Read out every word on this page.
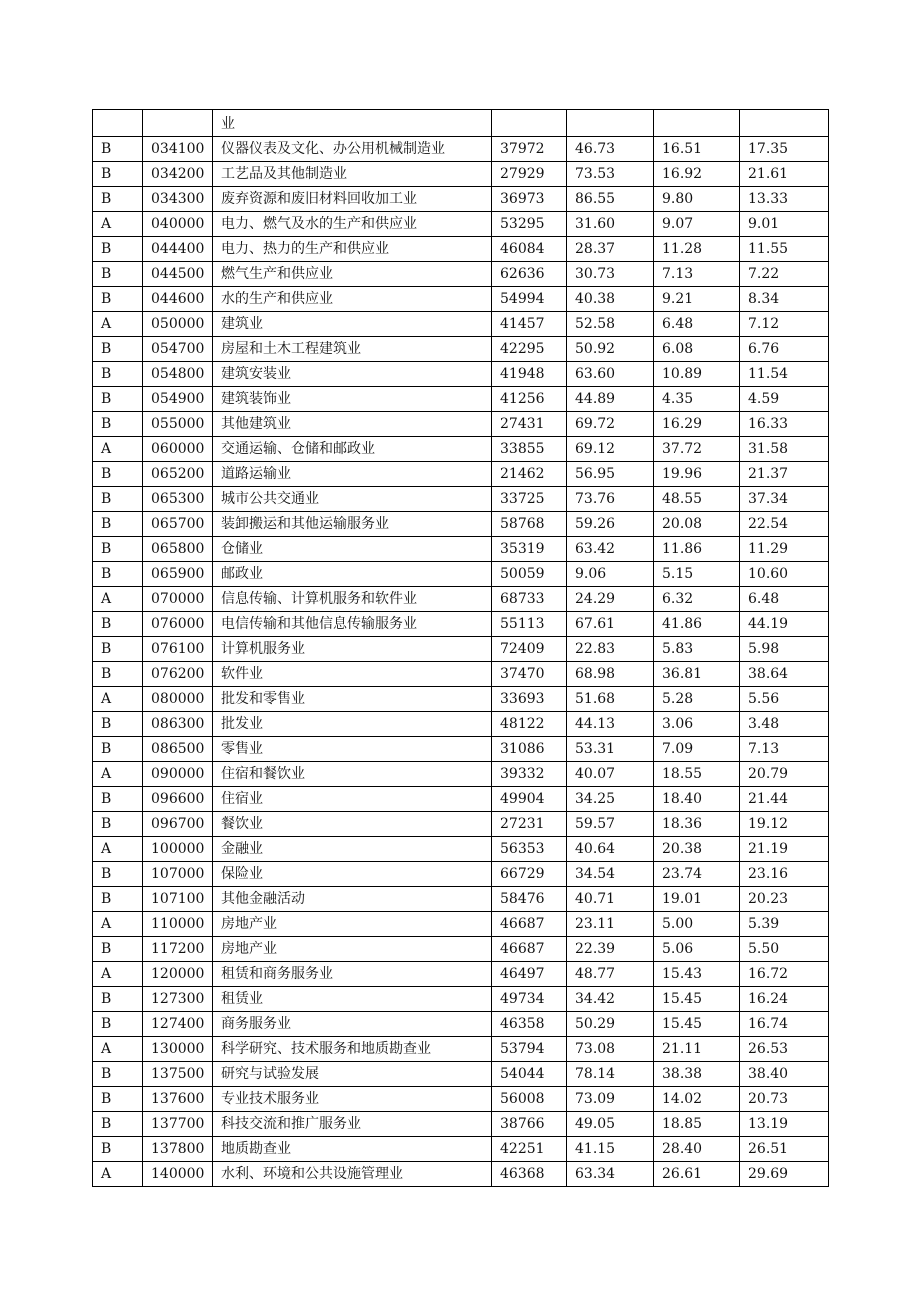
		业				
B	034100	仪器仪表及文化、办公用机械制造业	37972	46.73	16.51	17.35
B	034200	工艺品及其他制造业	27929	73.53	16.92	21.61
B	034300	废弃资源和废旧材料回收加工业	36973	86.55	9.80	13.33
A	040000	电力、燃气及水的生产和供应业	53295	31.60	9.07	9.01
B	044400	电力、热力的生产和供应业	46084	28.37	11.28	11.55
B	044500	燃气生产和供应业	62636	30.73	7.13	7.22
B	044600	水的生产和供应业	54994	40.38	9.21	8.34
A	050000	建筑业	41457	52.58	6.48	7.12
B	054700	房屋和土木工程建筑业	42295	50.92	6.08	6.76
B	054800	建筑安装业	41948	63.60	10.89	11.54
B	054900	建筑装饰业	41256	44.89	4.35	4.59
B	055000	其他建筑业	27431	69.72	16.29	16.33
A	060000	交通运输、仓储和邮政业	33855	69.12	37.72	31.58
B	065200	道路运输业	21462	56.95	19.96	21.37
B	065300	城市公共交通业	33725	73.76	48.55	37.34
B	065700	装卸搬运和其他运输服务业	58768	59.26	20.08	22.54
B	065800	仓储业	35319	63.42	11.86	11.29
B	065900	邮政业	50059	9.06	5.15	10.60
A	070000	信息传输、计算机服务和软件业	68733	24.29	6.32	6.48
B	076000	电信传输和其他信息传输服务业	55113	67.61	41.86	44.19
B	076100	计算机服务业	72409	22.83	5.83	5.98
B	076200	软件业	37470	68.98	36.81	38.64
A	080000	批发和零售业	33693	51.68	5.28	5.56
B	086300	批发业	48122	44.13	3.06	3.48
B	086500	零售业	31086	53.31	7.09	7.13
A	090000	住宿和餐饮业	39332	40.07	18.55	20.79
B	096600	住宿业	49904	34.25	18.40	21.44
B	096700	餐饮业	27231	59.57	18.36	19.12
A	100000	金融业	56353	40.64	20.38	21.19
B	107000	保险业	66729	34.54	23.74	23.16
B	107100	其他金融活动	58476	40.71	19.01	20.23
A	110000	房地产业	46687	23.11	5.00	5.39
B	117200	房地产业	46687	22.39	5.06	5.50
A	120000	租赁和商务服务业	46497	48.77	15.43	16.72
B	127300	租赁业	49734	34.42	15.45	16.24
B	127400	商务服务业	46358	50.29	15.45	16.74
A	130000	科学研究、技术服务和地质勘查业	53794	73.08	21.11	26.53
B	137500	研究与试验发展	54044	78.14	38.38	38.40
B	137600	专业技术服务业	56008	73.09	14.02	20.73
B	137700	科技交流和推广服务业	38766	49.05	18.85	13.19
B	137800	地质勘查业	42251	41.15	28.40	26.51
A	140000	水利、环境和公共设施管理业	46368	63.34	26.61	29.69
